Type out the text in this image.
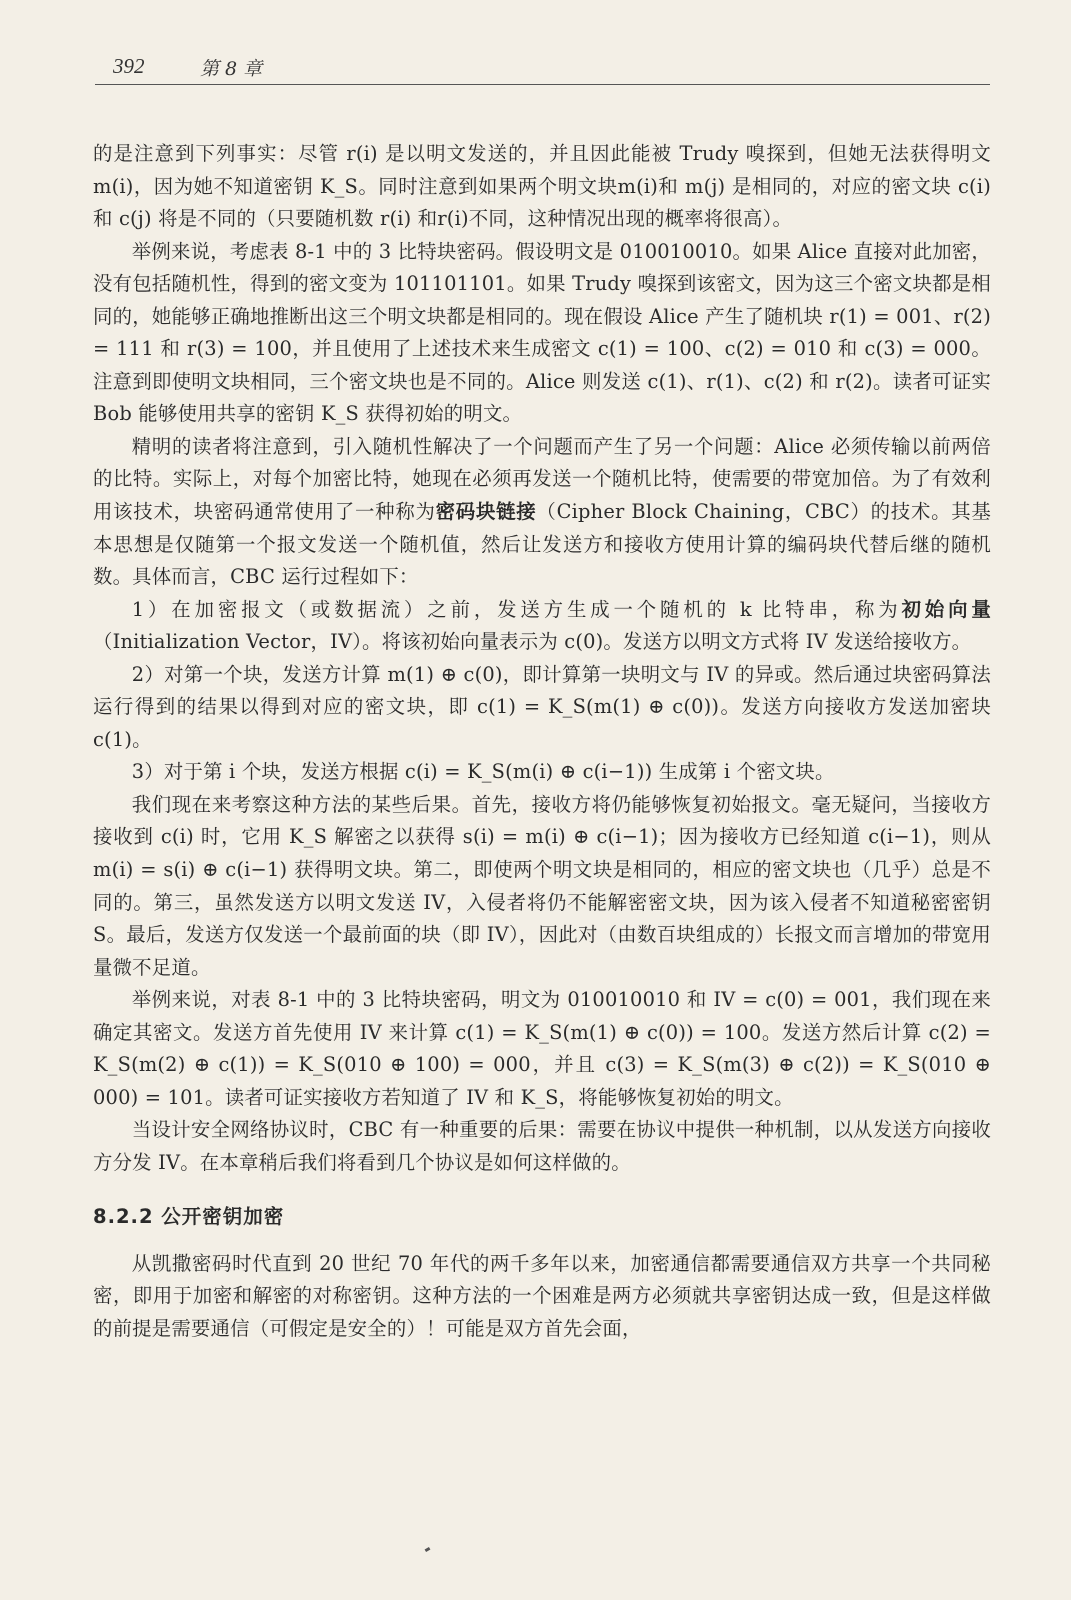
392	第 8 章

的是注意到下列事实：尽管 r(i) 是以明文发送的，并且因此能被 Trudy 嗅探到，但她无法获得明文 m(i)，因为她不知道密钥 K_S。同时注意到如果两个明文块m(i)和 m(j) 是相同的，对应的密文块 c(i) 和 c(j) 将是不同的（只要随机数 r(i) 和r(i)不同，这种情况出现的概率将很高）。

举例来说，考虑表 8-1 中的 3 比特块密码。假设明文是 010010010。如果 Alice 直接对此加密，没有包括随机性，得到的密文变为 101101101。如果 Trudy 嗅探到该密文，因为这三个密文块都是相同的，她能够正确地推断出这三个明文块都是相同的。现在假设 Alice 产生了随机块 r(1) = 001、r(2) = 111 和 r(3) = 100，并且使用了上述技术来生成密文 c(1) = 100、c(2) = 010 和 c(3) = 000。注意到即使明文块相同，三个密文块也是不同的。Alice 则发送 c(1)、r(1)、c(2) 和 r(2)。读者可证实 Bob 能够使用共享的密钥 K_S 获得初始的明文。

精明的读者将注意到，引入随机性解决了一个问题而产生了另一个问题：Alice 必须传输以前两倍的比特。实际上，对每个加密比特，她现在必须再发送一个随机比特，使需要的带宽加倍。为了有效利用该技术，块密码通常使用了一种称为密码块链接（Cipher Block Chaining，CBC）的技术。其基本思想是仅随第一个报文发送一个随机值，然后让发送方和接收方使用计算的编码块代替后继的随机数。具体而言，CBC 运行过程如下：

1）在加密报文（或数据流）之前，发送方生成一个随机的 k 比特串，称为初始向量（Initialization Vector，IV）。将该初始向量表示为 c(0)。发送方以明文方式将 IV 发送给接收方。

2）对第一个块，发送方计算 m(1) ⊕ c(0)，即计算第一块明文与 IV 的异或。然后通过块密码算法运行得到的结果以得到对应的密文块，即 c(1) = K_S(m(1) ⊕ c(0))。发送方向接收方发送加密块 c(1)。

3）对于第 i 个块，发送方根据 c(i) = K_S(m(i) ⊕ c(i−1)) 生成第 i 个密文块。

我们现在来考察这种方法的某些后果。首先，接收方将仍能够恢复初始报文。毫无疑问，当接收方接收到 c(i) 时，它用 K_S 解密之以获得 s(i) = m(i) ⊕ c(i−1)；因为接收方已经知道 c(i−1)，则从 m(i) = s(i) ⊕ c(i−1) 获得明文块。第二，即使两个明文块是相同的，相应的密文块也（几乎）总是不同的。第三，虽然发送方以明文发送 IV，入侵者将仍不能解密密文块，因为该入侵者不知道秘密密钥 S。最后，发送方仅发送一个最前面的块（即 IV），因此对（由数百块组成的）长报文而言增加的带宽用量微不足道。

举例来说，对表 8-1 中的 3 比特块密码，明文为 010010010 和 IV = c(0) = 001，我们现在来确定其密文。发送方首先使用 IV 来计算 c(1) = K_S(m(1) ⊕ c(0)) = 100。发送方然后计算 c(2) = K_S(m(2) ⊕ c(1)) = K_S(010 ⊕ 100) = 000，并且 c(3) = K_S(m(3) ⊕ c(2)) = K_S(010 ⊕ 000) = 101。读者可证实接收方若知道了 IV 和 K_S，将能够恢复初始的明文。

当设计安全网络协议时，CBC 有一种重要的后果：需要在协议中提供一种机制，以从发送方向接收方分发 IV。在本章稍后我们将看到几个协议是如何这样做的。

8.2.2 公开密钥加密

从凯撒密码时代直到 20 世纪 70 年代的两千多年以来，加密通信都需要通信双方共享一个共同秘密，即用于加密和解密的对称密钥。这种方法的一个困难是两方必须就共享密钥达成一致，但是这样做的前提是需要通信（可假定是安全的）！可能是双方首先会面，
